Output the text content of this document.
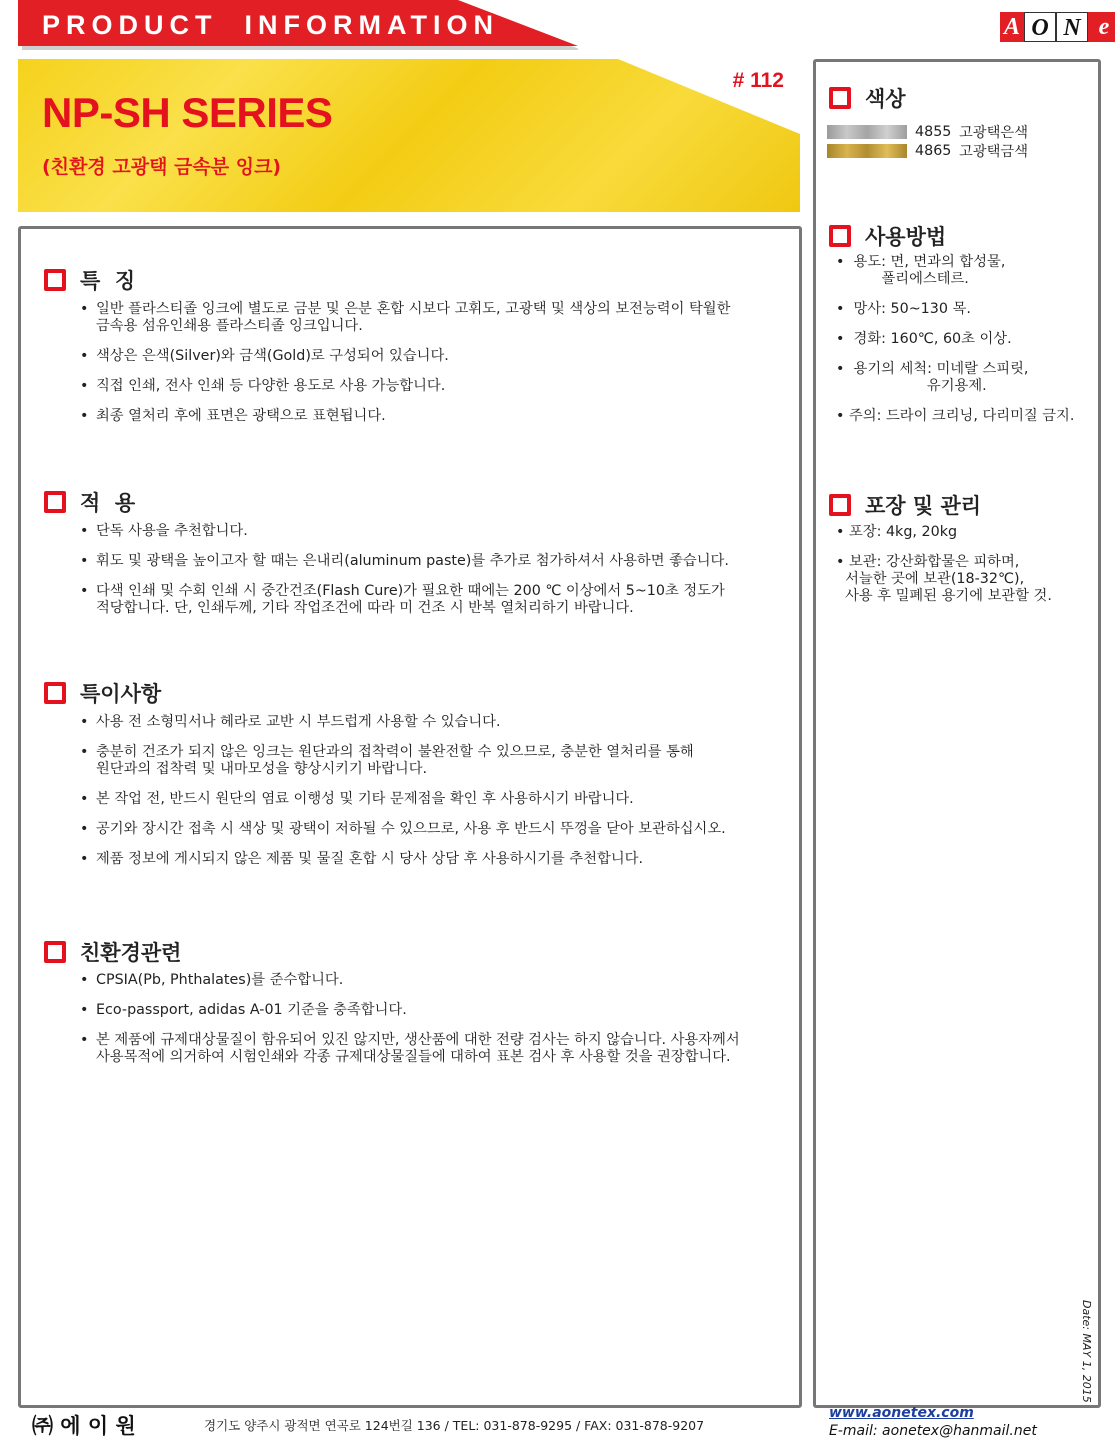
PRODUCT  INFORMATION	A O N e
NP-SH SERIES
(친환경 고광택 금속분 잉크)
# 112
특  징
• 일반 플라스티졸 잉크에 별도로 금분 및 은분 혼합 시보다 고휘도, 고광택 및 색상의 보전능력이 탁월한
금속용 섬유인쇄용 플라스티졸 잉크입니다.
• 색상은 은색(Silver)와 금색(Gold)로 구성되어 있습니다.
• 직접 인쇄, 전사 인쇄 등 다양한 용도로 사용 가능합니다.
• 최종 열처리 후에 표면은 광택으로 표현됩니다.
적  용
• 단독 사용을 추천합니다.
• 휘도 및 광택을 높이고자 할 때는 은내리(aluminum paste)를 추가로 첨가하셔서 사용하면 좋습니다.
• 다색 인쇄 및 수회 인쇄 시 중간건조(Flash Cure)가 필요한 때에는 200 ℃ 이상에서 5~10초 정도가
적당합니다. 단, 인쇄두께, 기타 작업조건에 따라 미 건조 시 반복 열처리하기 바랍니다.
특이사항
• 사용 전 소형믹서나 헤라로 교반 시 부드럽게 사용할 수 있습니다.
• 충분히 건조가 되지 않은 잉크는 원단과의 접착력이 불완전할 수 있으므로, 충분한 열처리를 통해
원단과의 접착력 및 내마모성을 향상시키기 바랍니다.
• 본 작업 전, 반드시 원단의 염료 이행성 및 기타 문제점을 확인 후 사용하시기 바랍니다.
• 공기와 장시간 접촉 시 색상 및 광택이 저하될 수 있으므로, 사용 후 반드시 뚜껑을 닫아 보관하십시오.
• 제품 정보에 게시되지 않은 제품 및 물질 혼합 시 당사 상담 후 사용하시기를 추천합니다.
친환경관련
• CPSIA(Pb, Phthalates)를 준수합니다.
• Eco-passport, adidas A-01 기준을 충족합니다.
• 본 제품에 규제대상물질이 함유되어 있진 않지만, 생산품에 대한 전량 검사는 하지 않습니다. 사용자께서
사용목적에 의거하여 시험인쇄와 각종 규제대상물질들에 대하여 표본 검사 후 사용할 것을 권장합니다.
색상
4855 고광택은색
4865 고광택금색
사용방법
•  용도: 면, 면과의 합성물,
폴리에스테르.
•  망사: 50~130 목.
•  경화: 160℃, 60초 이상.
•  용기의 세척: 미네랄 스피릿,
유기용제.
• 주의: 드라이 크리닝, 다리미질 금지.
포장 및 관리
• 포장: 4kg, 20kg
• 보관: 강산화합물은 피하며,
서늘한 곳에 보관(18-32℃),
사용 후 밀폐된 용기에 보관할 것.
Date: MAY 1, 2015
㈜ 에 이 원	경기도 양주시 광적면 연곡로 124번길 136 / TEL: 031-878-9295 / FAX: 031-878-9207
www.aonetex.com
E-mail: aonetex@hanmail.net
